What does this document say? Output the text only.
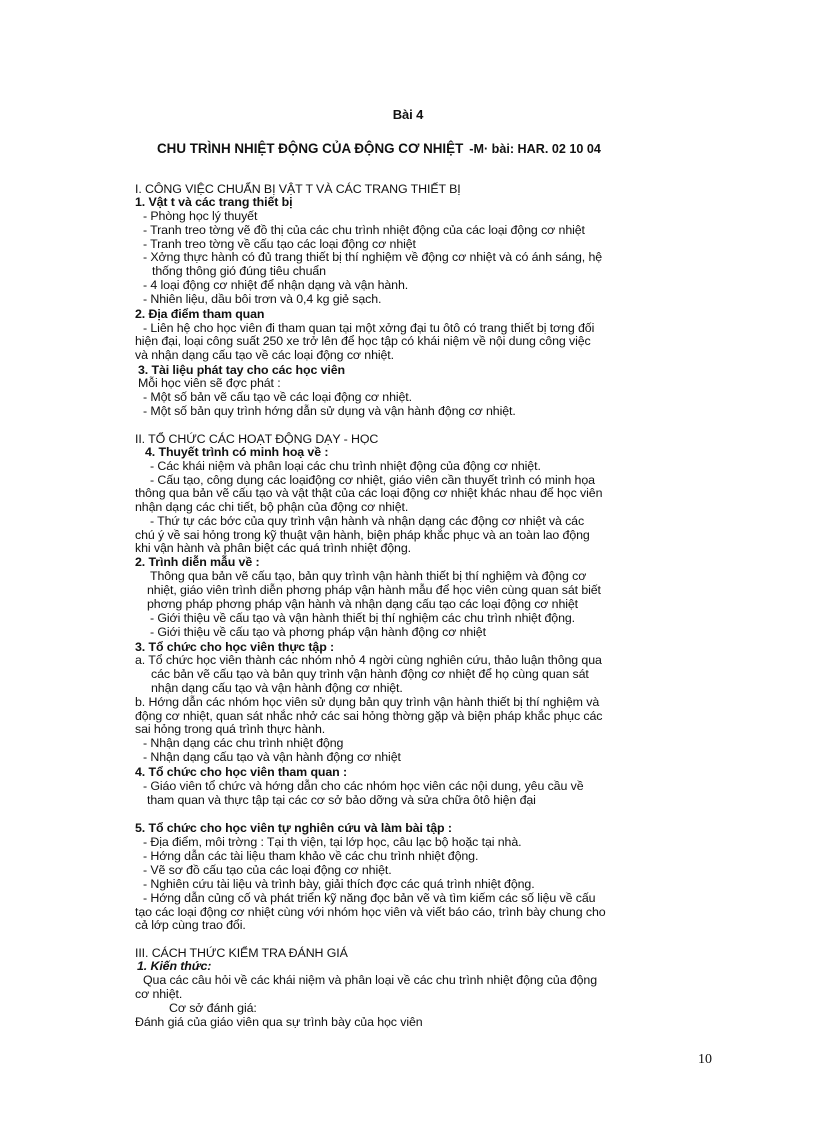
Bài 4
CHU TRÌNH NHIỆT ĐỘNG CỦA ĐỘNG CƠ NHIỆT -M· bài: HAR. 02 10 04
I. CÔNG VIỆC CHUẨN BỊ VẬT T VÀ CÁC TRANG THIẾT BỊ
1. Vật t và các trang thiết bị
- Phòng học lý thuyết
- Tranh treo tờng vẽ đồ thị của các chu trình nhiệt động của các loại động cơ nhiệt
- Tranh treo tờng về cấu tạo các loại động cơ nhiệt
- Xởng thực hành có đủ trang thiết bị thí nghiệm về động cơ nhiệt và có ánh sáng, hệ
thống thông gió đúng tiêu chuẩn
- 4 loại động cơ nhiệt để nhận dạng và vận hành.
- Nhiên liệu, dầu bôi trơn và 0,4 kg giẻ sạch.
2. Địa điểm tham quan
- Liên hệ cho học viên đi tham quan tại một xởng đại tu ôtô có trang thiết bị tơng đối
hiện đại, loại công suất 250 xe trở lên để học tập có khái niệm về nội dung công việc
và nhận dạng cấu tạo về các loại động cơ nhiệt.
3. Tài liệu phát tay cho các học viên
Mỗi học viên sẽ đợc phát :
- Một số bản vẽ cấu tạo về các loại động cơ nhiệt.
- Một số bản quy trình hớng dẫn sử dụng và vận hành động cơ nhiệt.
II. TỔ CHỨC CÁC HOẠT ĐỘNG DẠY - HỌC
4. Thuyết trình có minh hoạ về :
- Các khái niệm và phân loại các chu trình nhiệt động của động cơ nhiệt.
- Cấu tạo, công dụng các loạiđộng cơ nhiệt, giáo viên cần thuyết trình có minh họa
thông qua bản vẽ cấu tạo và vật thật của các loại động cơ nhiệt khác nhau để học viên
nhận dạng các chi tiết, bộ phận của động cơ nhiệt.
- Thứ tự các bớc của quy trình vận hành và nhận dạng các động cơ nhiệt và các
chú ý về sai hỏng trong kỹ thuật vận hành, biện pháp khắc phục và an toàn lao động
khi vận hành và phân biệt các quá trình nhiệt động.
2. Trình diễn mẫu về :
Thông qua bản vẽ cấu tạo, bản quy trình vận hành thiết bị thí nghiệm và động cơ
nhiệt, giáo viên trình diễn phơng pháp vận hành mẫu để học viên cùng quan sát biết
phơng pháp phơng pháp vận hành và nhận dạng cấu tạo các loại động cơ nhiệt
- Giới thiệu về cấu tạo và vận hành thiết bị thí nghiệm các chu trình nhiệt động.
- Giới thiệu về cấu tạo và phơng pháp vận hành động cơ nhiệt
3. Tổ chức cho học viên thực tập :
a. Tổ chức học viên thành các nhóm nhỏ 4 ngời cùng nghiên cứu, thảo luận thông qua
các bản vẽ cấu tạo và bản quy trình vận hành động cơ nhiệt để họ cùng quan sát
nhận dạng cấu tạo và vận hành động cơ nhiệt.
b. Hớng dẫn các nhóm học viên sử dụng bản quy trình vận hành thiết bị thí nghiệm và
động cơ nhiệt, quan sát nhắc nhở các sai hỏng thờng gặp và biện pháp khắc phục các
sai hỏng trong quá trình thực hành.
- Nhận dạng các chu trình nhiệt động
- Nhận dạng cấu tạo và vận hành động cơ nhiệt
4. Tổ chức cho học viên tham quan :
- Giáo viên tổ chức và hớng dẫn cho các nhóm học viên các nội dung, yêu cầu về
tham quan và thực tập tại các cơ sở bảo dỡng và sửa chữa ôtô hiện đại
5. Tổ chức cho học viên tự nghiên cứu và làm bài tập :
- Địa điểm, môi trờng : Tại th viện, tại lớp học, câu lạc bộ hoặc tại nhà.
- Hớng dẫn các tài liệu tham khảo về các chu trình nhiệt động.
- Vẽ sơ đồ cấu tạo của các loại động cơ nhiệt.
- Nghiên cứu tài liệu và trình bày, giải thích đợc các quá trình nhiệt động.
- Hớng dẫn củng cố và phát triển kỹ năng đọc bản vẽ và tìm kiếm các số liệu về cấu
tạo các loại động cơ nhiệt cùng với nhóm học viên và viết báo cáo, trình bày chung cho
cả lớp cùng trao đổi.
III. CÁCH THỨC KIỂM TRA ĐÁNH GIÁ
1. Kiến thức:
Qua các câu hỏi về các khái niệm và phân loại về các chu trình nhiệt động của động
cơ nhiệt.
Cơ sở đánh giá:
Đánh giá của giáo viên qua sự trình bày của học viên
10
